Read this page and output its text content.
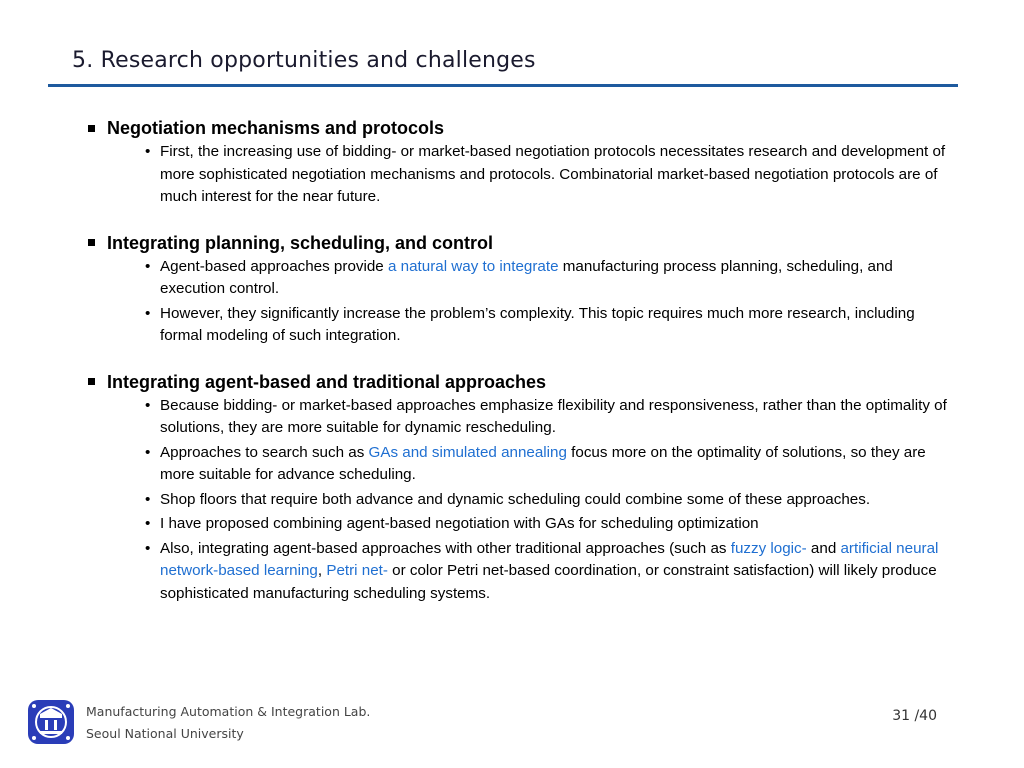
5. Research opportunities and challenges
Negotiation mechanisms and protocols
• First, the increasing use of bidding- or market-based negotiation protocols necessitates research and development of more sophisticated negotiation mechanisms and protocols. Combinatorial market-based negotiation protocols are of much interest for the near future.
Integrating planning, scheduling, and control
• Agent-based approaches provide a natural way to integrate manufacturing process planning, scheduling, and execution control.
• However, they significantly increase the problem’s complexity. This topic requires much more research, including formal modeling of such integration.
Integrating agent-based and traditional approaches
• Because bidding- or market-based approaches emphasize flexibility and responsiveness, rather than the optimality of solutions, they are more suitable for dynamic rescheduling.
• Approaches to search such as GAs and simulated annealing focus more on the optimality of solutions, so they are more suitable for advance scheduling.
• Shop floors that require both advance and dynamic scheduling could combine some of these approaches.
• I have proposed combining agent-based negotiation with GAs for scheduling optimization
• Also, integrating agent-based approaches with other traditional approaches (such as fuzzy logic- and artificial neural network-based learning, Petri net- or color Petri net-based coordination, or constraint satisfaction) will likely produce sophisticated manufacturing scheduling systems.
Manufacturing Automation & Integration Lab.
Seoul National University
31 /40
